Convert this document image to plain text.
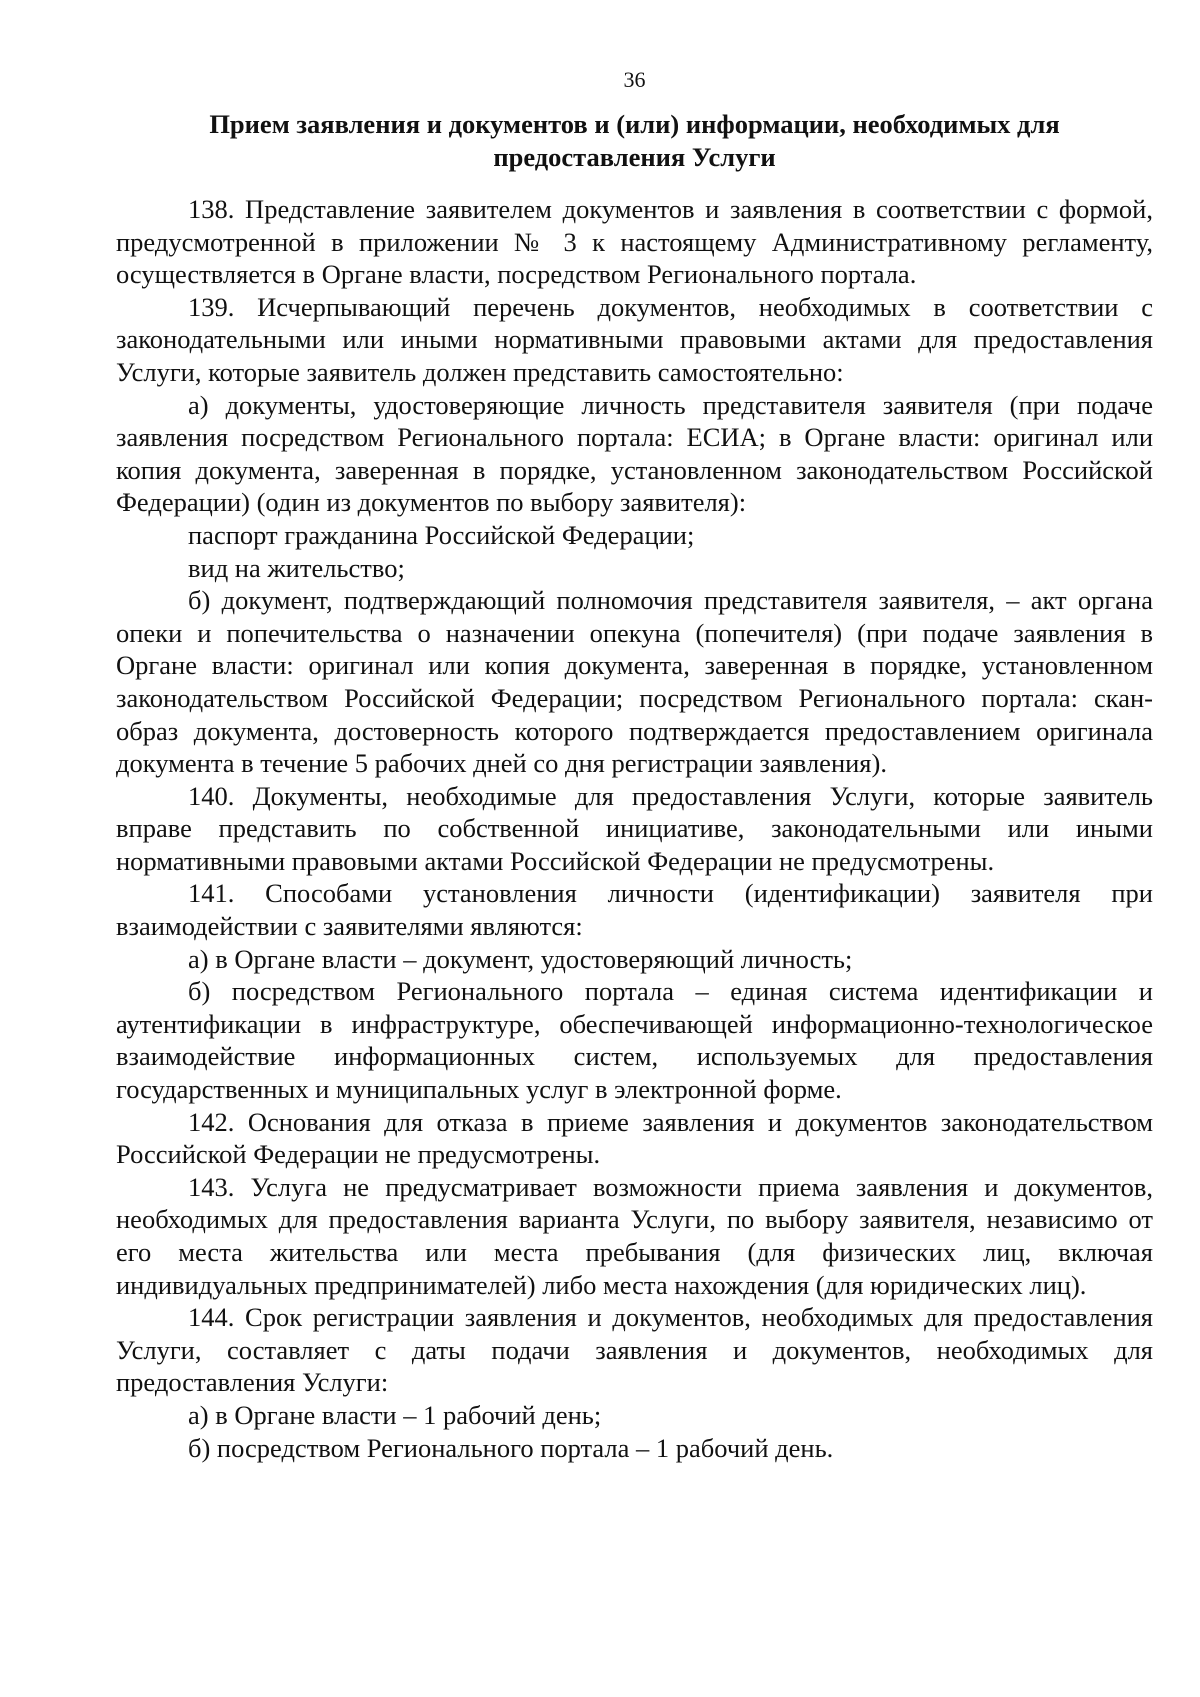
36
Прием заявления и документов и (или) информации, необходимых для
предоставления Услуги

138. Представление заявителем документов и заявления в соответствии с формой, предусмотренной в приложении № 3 к настоящему Административному регламенту, осуществляется в Органе власти, посредством Регионального портала.

139. Исчерпывающий перечень документов, необходимых в соответствии с законодательными или иными нормативными правовыми актами для предоставления Услуги, которые заявитель должен представить самостоятельно:

а) документы, удостоверяющие личность представителя заявителя (при подаче заявления посредством Регионального портала: ЕСИА; в Органе власти: оригинал или копия документа, заверенная в порядке, установленном законодательством Российской Федерации) (один из документов по выбору заявителя):

паспорт гражданина Российской Федерации;

вид на жительство;

б) документ, подтверждающий полномочия представителя заявителя, – акт органа опеки и попечительства о назначении опекуна (попечителя) (при подаче заявления в Органе власти: оригинал или копия документа, заверенная в порядке, установленном законодательством Российской Федерации; посредством Регионального портала: скан-образ документа, достоверность которого подтверждается предоставлением оригинала документа в течение 5 рабочих дней со дня регистрации заявления).

140. Документы, необходимые для предоставления Услуги, которые заявитель вправе представить по собственной инициативе, законодательными или иными нормативными правовыми актами Российской Федерации не предусмотрены.

141. Способами установления личности (идентификации) заявителя при взаимодействии с заявителями являются:

а) в Органе власти – документ, удостоверяющий личность;

б) посредством Регионального портала – единая система идентификации и аутентификации в инфраструктуре, обеспечивающей информационно-технологическое взаимодействие информационных систем, используемых для предоставления государственных и муниципальных услуг в электронной форме.

142. Основания для отказа в приеме заявления и документов законодательством Российской Федерации не предусмотрены.

143. Услуга не предусматривает возможности приема заявления и документов, необходимых для предоставления варианта Услуги, по выбору заявителя, независимо от его места жительства или места пребывания (для физических лиц, включая индивидуальных предпринимателей) либо места нахождения (для юридических лиц).

144. Срок регистрации заявления и документов, необходимых для предоставления Услуги, составляет с даты подачи заявления и документов, необходимых для предоставления Услуги:

а) в Органе власти – 1 рабочий день;

б) посредством Регионального портала – 1 рабочий день.
